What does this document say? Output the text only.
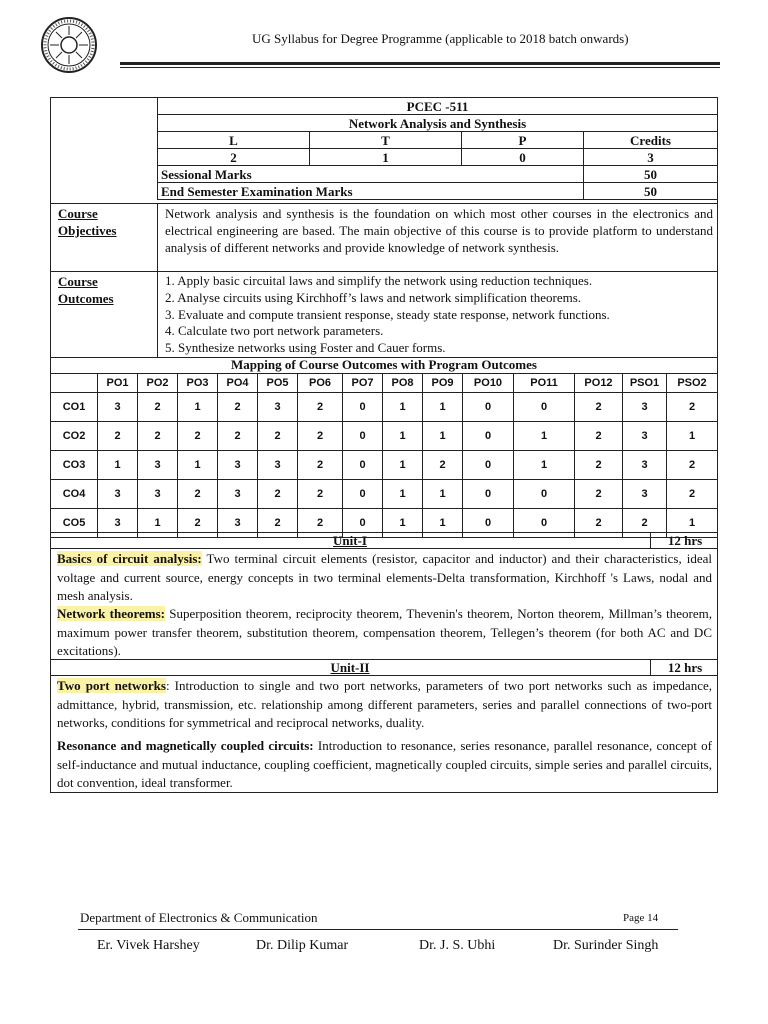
UG Syllabus for Degree Programme (applicable to 2018 batch onwards)
PCEC -511			
Network Analysis and Synthesis			
L	T	P	Credits
2	1	0	3
Sessional Marks			50
End Semester Examination Marks			50
Course
Objectives
Network analysis and synthesis is the foundation on which most other courses in the electronics and electrical engineering are based. The main objective of this course is to provide platform to understand analysis of different networks and provide knowledge of network synthesis.
Course
Outcomes
1. Apply basic circuital laws and simplify the network using reduction techniques.
2. Analyse circuits using Kirchhoff’s laws and network simplification theorems.
3. Evaluate and compute transient response, steady state response, network functions.
4. Calculate two port network parameters.
5. Synthesize networks using Foster and Cauer forms.
Mapping of Course Outcomes with Program Outcomes
	PO1	PO2	PO3	PO4	PO5	PO6	PO7	PO8	PO9	PO10	PO11	PO12	PSO1	PSO2
CO1	3	2	1	2	3	2	0	1	1	0	0	2	3	2
CO2	2	2	2	2	2	2	0	1	1	0	1	2	3	1
CO3	1	3	1	3	3	2	0	1	2	0	1	2	3	2
CO4	3	3	2	3	2	2	0	1	1	0	0	2	3	2
CO5	3	1	2	3	2	2	0	1	1	0	0	2	2	1
Unit-I	12 hrs
Basics of circuit analysis: Two terminal circuit elements (resistor, capacitor and inductor) and their characteristics, ideal voltage and current source, energy concepts in two terminal elements-Delta transformation, Kirchhoff 's Laws, nodal and mesh analysis.
Network theorems: Superposition theorem, reciprocity theorem, Thevenin's theorem, Norton theorem, Millman’s theorem, maximum power transfer theorem, substitution theorem, compensation theorem, Tellegen’s theorem (for both AC and DC excitations).
Unit-II	12 hrs
Two port networks: Introduction to single and two port networks, parameters of two port networks such as impedance, admittance, hybrid, transmission, etc. relationship among different parameters, series and parallel connections of two-port networks, conditions for symmetrical and reciprocal networks, duality.
Resonance and magnetically coupled circuits: Introduction to resonance, series resonance, parallel resonance, concept of self-inductance and mutual inductance, coupling coefficient, magnetically coupled circuits, simple series and parallel circuits, dot convention, ideal transformer.
Department of Electronics & Communication	Page 14
Er. Vivek Harshey	Dr. Dilip Kumar	Dr. J. S. Ubhi	Dr. Surinder Singh
